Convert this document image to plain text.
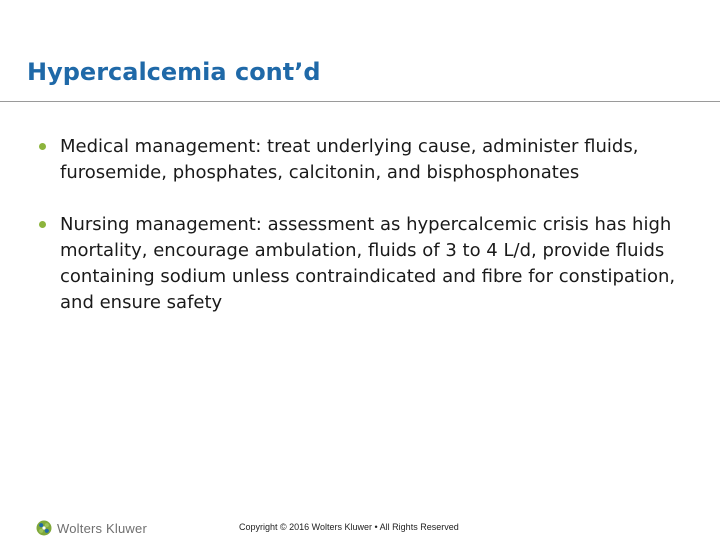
Hypercalcemia cont’d
Medical management: treat underlying cause, administer fluids, furosemide, phosphates, calcitonin, and bisphosphonates
Nursing management: assessment as hypercalcemic crisis has high mortality, encourage ambulation, fluids of 3 to 4 L/d, provide fluids containing sodium unless contraindicated and fibre for constipation, and ensure safety
Wolters Kluwer	Copyright © 2016 Wolters Kluwer • All Rights Reserved
